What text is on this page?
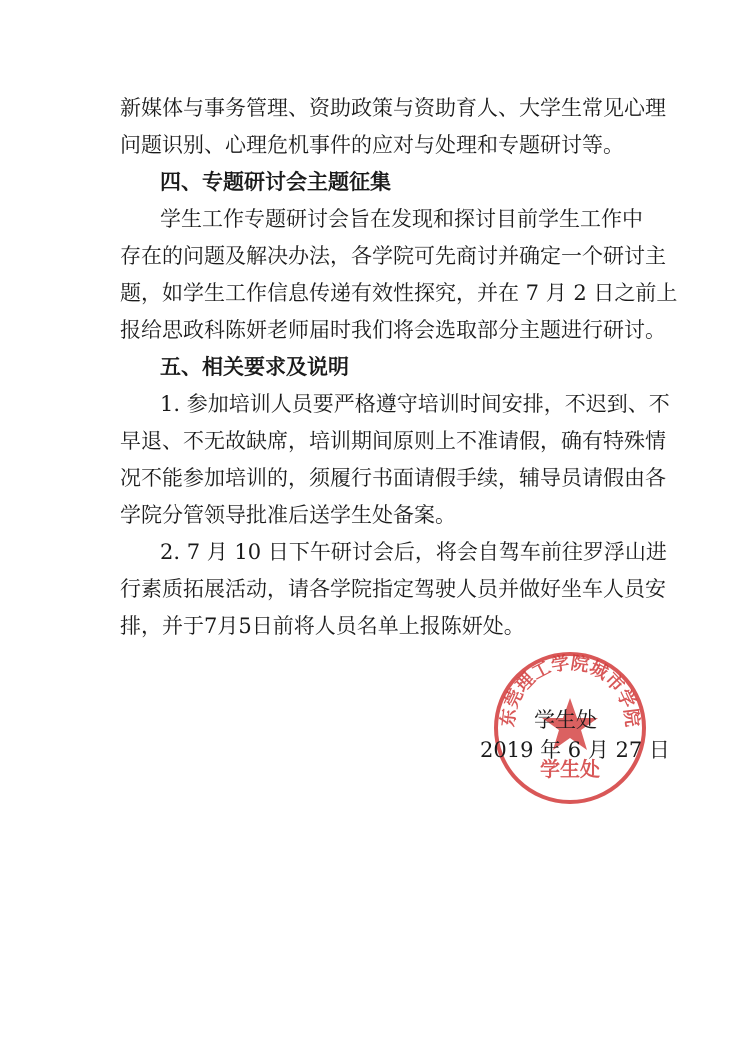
新媒体与事务管理、资助政策与资助育人、大学生常见心理
问题识别、心理危机事件的应对与处理和专题研讨等。
四、专题研讨会主题征集
学生工作专题研讨会旨在发现和探讨目前学生工作中
存在的问题及解决办法，各学院可先商讨并确定一个研讨主
题，如学生工作信息传递有效性探究，并在 7 月 2 日之前上
报给思政科陈妍老师届时我们将会选取部分主题进行研讨。
五、相关要求及说明
1. 参加培训人员要严格遵守培训时间安排，不迟到、不
早退、不无故缺席，培训期间原则上不准请假，确有特殊情
况不能参加培训的，须履行书面请假手续，辅导员请假由各
学院分管领导批准后送学生处备案。
2. 7 月 10 日下午研讨会后，将会自驾车前往罗浮山进
行素质拓展活动，请各学院指定驾驶人员并做好坐车人员安
排，并于7月5日前将人员名单上报陈妍处。
东莞理工学院城市学院
学生处
学生处
2019 年 6 月 27 日
